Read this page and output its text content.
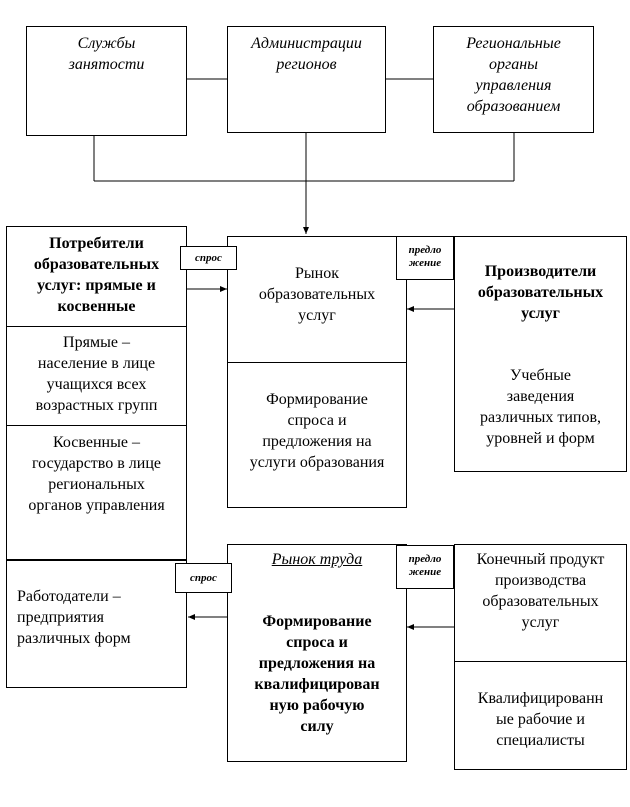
Службы
занятости
Администрации
регионов
Региональные
органы
управления
образованием
Потребители
образовательных
услуг: прямые и
косвенные
Прямые –
население в лице
учащихся всех
возрастных групп
Косвенные –
государство в лице
региональных
органов управления
Работодатели –
предприятия
различных форм
Рынок
образовательных
услуг
Формирование
спроса и
предложения на
услуги образования
Производители
образовательных
услуг
Учебные
заведения
различных типов,
уровней и форм
Рынок труда
Формирование
спроса и
предложения на
квалифицирован
ную рабочую
силу
Конечный продукт
производства
образовательных
услуг
Квалифицированн
ые рабочие и
специалисты
спрос
предло
жение
спрос
предло
жение
